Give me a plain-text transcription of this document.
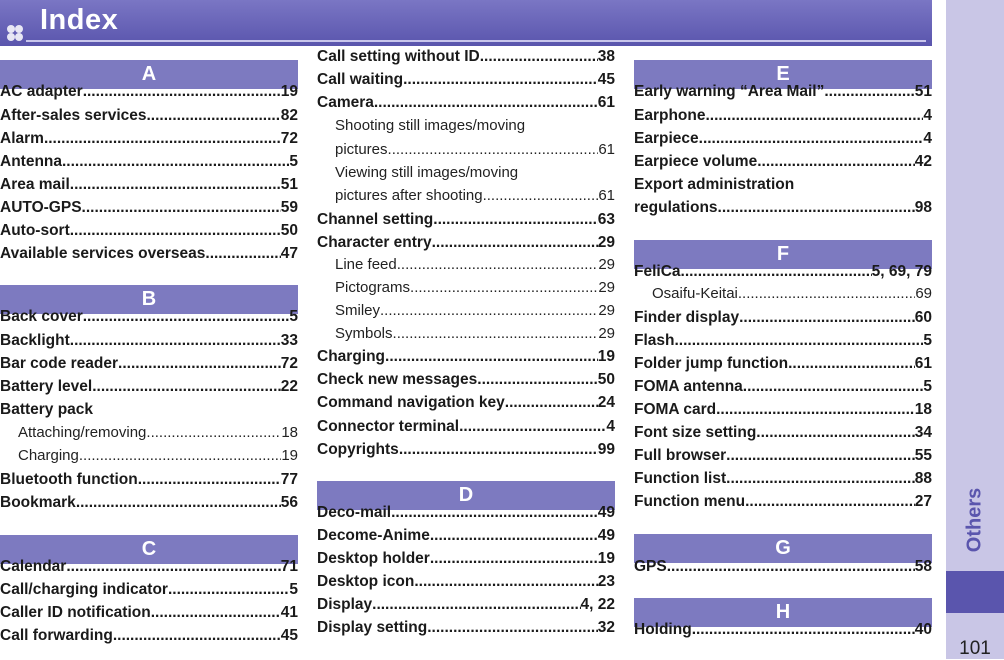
Index
Others
101
A
AC adapter .....	19
After-sales services .....	82
Alarm .....	72
Antenna .....	5
Area mail .....	51
AUTO-GPS .....	59
Auto-sort .....	50
Available services overseas .....	47
B
Back cover .....	5
Backlight .....	33
Bar code reader .....	72
Battery level .....	22
Battery pack
Attaching/removing .....	18
Charging .....	19
Bluetooth function .....	77
Bookmark .....	56
C
Calendar .....	71
Call/charging indicator .....	5
Caller ID notification .....	41
Call forwarding .....	45
Call setting without ID .....	38
Call waiting .....	45
Camera .....	61
Shooting still images/moving
pictures .....	61
Viewing still images/moving
pictures after shooting .....	61
Channel setting .....	63
Character entry .....	29
Line feed .....	29
Pictograms .....	29
Smiley .....	29
Symbols .....	29
Charging .....	19
Check new messages .....	50
Command navigation key .....	24
Connector terminal .....	4
Copyrights .....	99
D
Deco-mail .....	49
Decome-Anime .....	49
Desktop holder .....	19
Desktop icon .....	23
Display .....	4, 22
Display setting .....	32
E
Early warning “Area Mail” .....	51
Earphone .....	4
Earpiece .....	4
Earpiece volume .....	42
Export administration
regulations .....	98
F
FeliCa .....	5, 69, 79
Osaifu-Keitai .....	69
Finder display .....	60
Flash .....	5
Folder jump function .....	61
FOMA antenna .....	5
FOMA card .....	18
Font size setting .....	34
Full browser .....	55
Function list .....	88
Function menu .....	27
G
GPS .....	58
H
Holding .....	40
